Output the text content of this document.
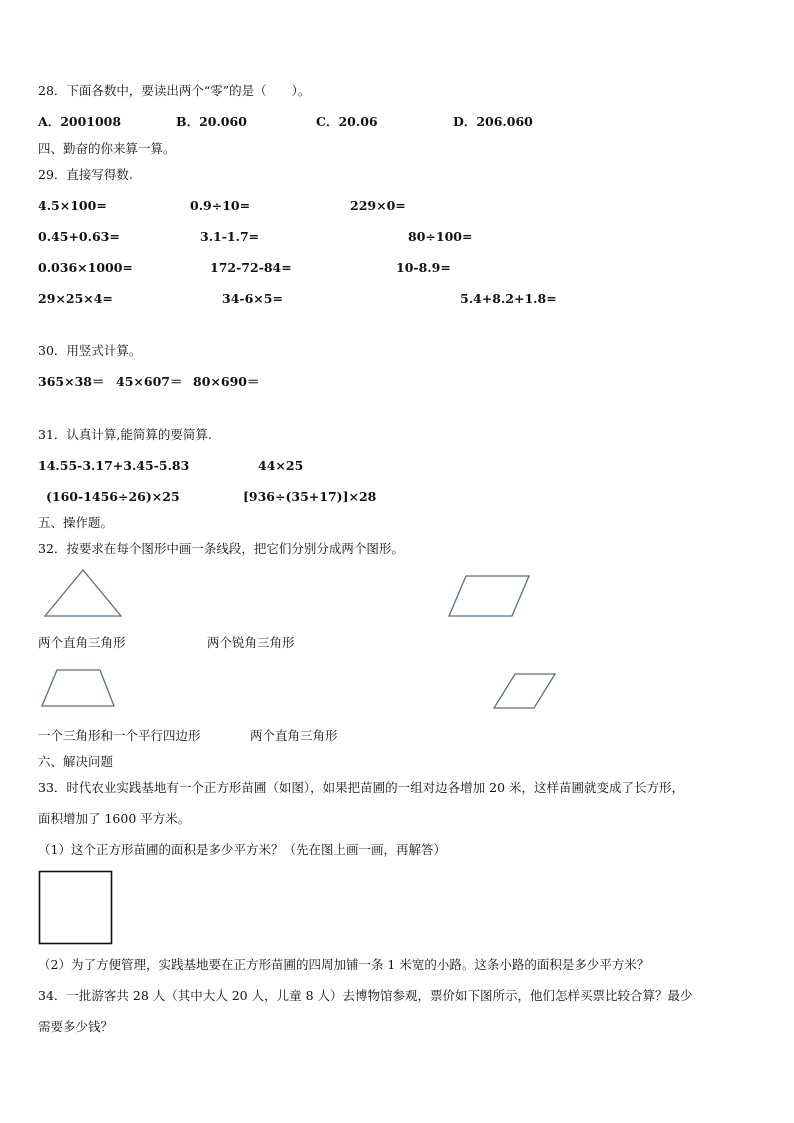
28．下面各数中，要读出两个“零”的是（　　）。
A．2001008	B．20.060	C．20.06	D．206.060
四、勤奋的你来算一算。
29．直接写得数.
4.5×100=	0.9÷10=	229×0=
0.45+0.63=	3.1-1.7=	80÷100=
0.036×1000=	172-72-84=	10-8.9=
29×25×4=	34-6×5=	5.4+8.2+1.8=
30．用竖式计算。
365×38＝ 45×607＝ 80×690＝
31．认真计算,能简算的要简算.
14.55-3.17+3.45-5.83	44×25
(160-1456÷26)×25	[936÷(35+17)]×28
五、操作题。
32．按要求在每个图形中画一条线段，把它们分别分成两个图形。
两个直角三角形	两个锐角三角形
一个三角形和一个平行四边形	两个直角三角形
六、解决问题
33．时代农业实践基地有一个正方形苗圃（如图），如果把苗圃的一组对边各增加 20 米，这样苗圃就变成了长方形，
面积增加了 1600 平方米。
（1）这个正方形苗圃的面积是多少平方米？（先在图上画一画，再解答）
（2）为了方便管理，实践基地要在正方形苗圃的四周加铺一条 1 米宽的小路。这条小路的面积是多少平方米？
34．一批游客共 28 人（其中大人 20 人，儿童 8 人）去博物馆参观，票价如下图所示，他们怎样买票比较合算？最少
需要多少钱？
